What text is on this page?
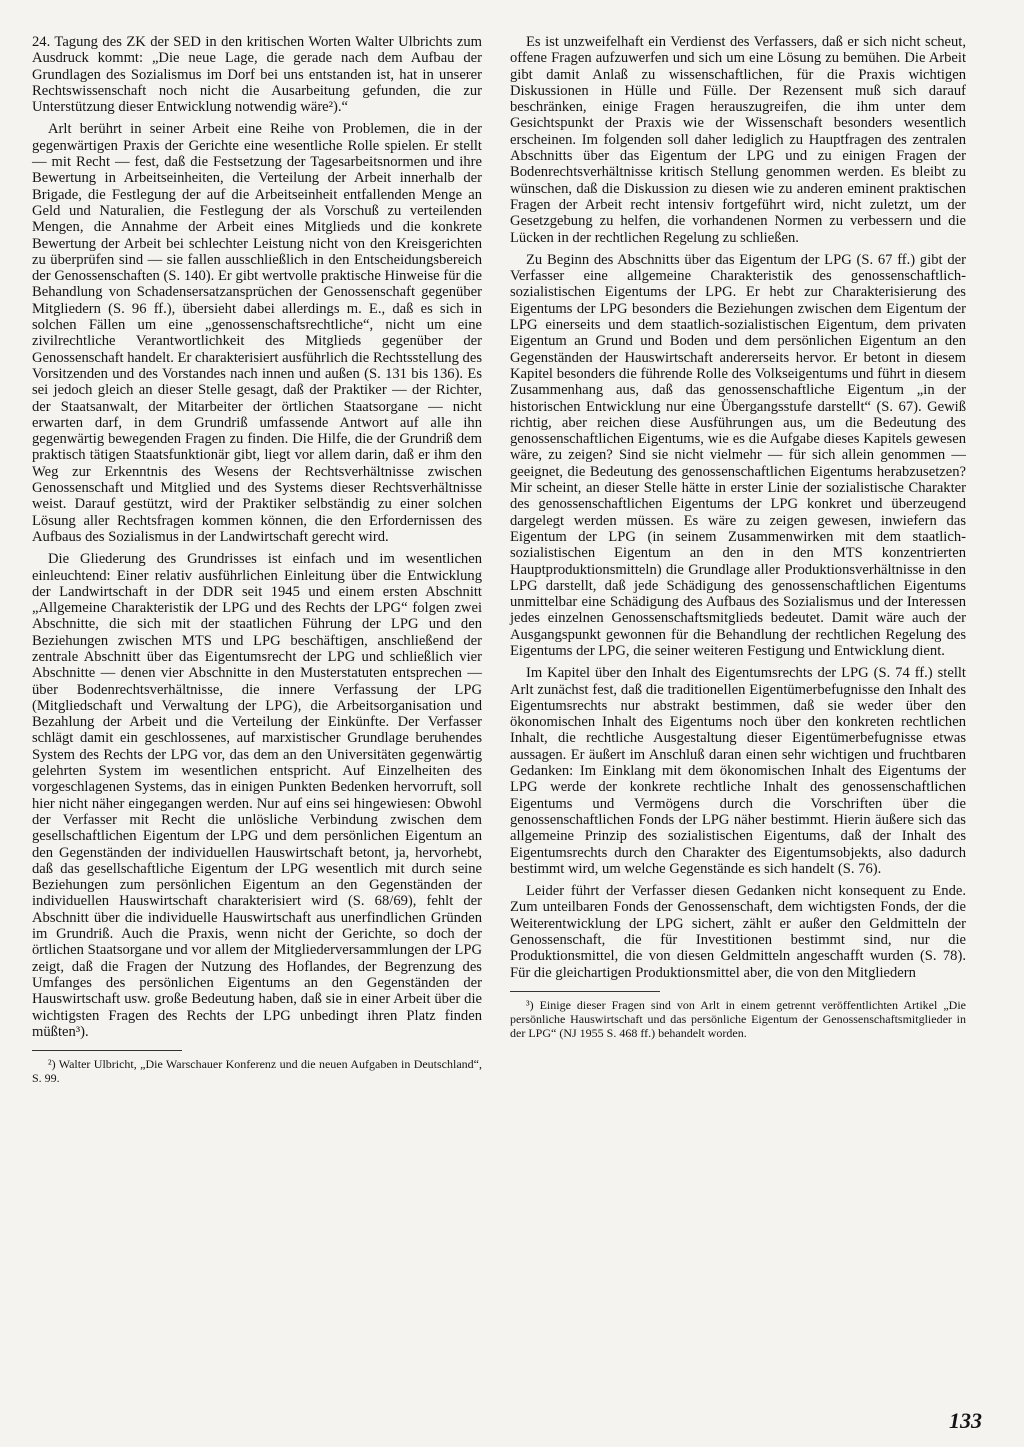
24. Tagung des ZK der SED in den kritischen Worten Walter Ulbrichts zum Ausdruck kommt: „Die neue Lage, die gerade nach dem Aufbau der Grundlagen des Sozialismus im Dorf bei uns entstanden ist, hat in unserer Rechtswissenschaft noch nicht die Ausarbeitung gefunden, die zur Unterstützung dieser Entwicklung notwendig wäre²).“

Arlt berührt in seiner Arbeit eine Reihe von Problemen, die in der gegenwärtigen Praxis der Gerichte eine wesentliche Rolle spielen. Er stellt — mit Recht — fest, daß die Festsetzung der Tagesarbeitsnormen und ihre Bewertung in Arbeitseinheiten, die Verteilung der Arbeit innerhalb der Brigade, die Festlegung der auf die Arbeitseinheit entfallenden Menge an Geld und Naturalien, die Festlegung der als Vorschuß zu verteilenden Mengen, die Annahme der Arbeit eines Mitglieds und die konkrete Bewertung der Arbeit bei schlechter Leistung nicht von den Kreisgerichten zu überprüfen sind — sie fallen ausschließlich in den Entscheidungsbereich der Genossenschaften (S. 140). Er gibt wertvolle praktische Hinweise für die Behandlung von Schadensersatzansprüchen der Genossenschaft gegenüber Mitgliedern (S. 96 ff.), übersieht dabei allerdings m. E., daß es sich in solchen Fällen um eine „genossenschaftsrechtliche“, nicht um eine zivilrechtliche Verantwortlichkeit des Mitglieds gegenüber der Genossenschaft handelt. Er charakterisiert ausführlich die Rechtsstellung des Vorsitzenden und des Vorstandes nach innen und außen (S. 131 bis 136). Es sei jedoch gleich an dieser Stelle gesagt, daß der Praktiker — der Richter, der Staatsanwalt, der Mitarbeiter der örtlichen Staatsorgane — nicht erwarten darf, in dem Grundriß umfassende Antwort auf alle ihn gegenwärtig bewegenden Fragen zu finden. Die Hilfe, die der Grundriß dem praktisch tätigen Staatsfunktionär gibt, liegt vor allem darin, daß er ihm den Weg zur Erkenntnis des Wesens der Rechtsverhältnisse zwischen Genossenschaft und Mitglied und des Systems dieser Rechtsverhältnisse weist. Darauf gestützt, wird der Praktiker selbständig zu einer solchen Lösung aller Rechtsfragen kommen können, die den Erfordernissen des Aufbaus des Sozialismus in der Landwirtschaft gerecht wird.

Die Gliederung des Grundrisses ist einfach und im wesentlichen einleuchtend: Einer relativ ausführlichen Einleitung über die Entwicklung der Landwirtschaft in der DDR seit 1945 und einem ersten Abschnitt „Allgemeine Charakteristik der LPG und des Rechts der LPG“ folgen zwei Abschnitte, die sich mit der staatlichen Führung der LPG und den Beziehungen zwischen MTS und LPG beschäftigen, anschließend der zentrale Abschnitt über das Eigentumsrecht der LPG und schließlich vier Abschnitte — denen vier Abschnitte in den Musterstatuten entsprechen — über Bodenrechtsverhältnisse, die innere Verfassung der LPG (Mitgliedschaft und Verwaltung der LPG), die Arbeitsorganisation und Bezahlung der Arbeit und die Verteilung der Einkünfte. Der Verfasser schlägt damit ein geschlossenes, auf marxistischer Grundlage beruhendes System des Rechts der LPG vor, das dem an den Universitäten gegenwärtig gelehrten System im wesentlichen entspricht. Auf Einzelheiten des vorgeschlagenen Systems, das in einigen Punkten Bedenken hervorruft, soll hier nicht näher eingegangen werden. Nur auf eins sei hingewiesen: Obwohl der Verfasser mit Recht die unlösliche Verbindung zwischen dem gesellschaftlichen Eigentum der LPG und dem persönlichen Eigentum an den Gegenständen der individuellen Hauswirtschaft betont, ja, hervorhebt, daß das gesellschaftliche Eigentum der LPG wesentlich mit durch seine Beziehungen zum persönlichen Eigentum an den Gegenständen der individuellen Hauswirtschaft charakterisiert wird (S. 68/69), fehlt der Abschnitt über die individuelle Hauswirtschaft aus unerfindlichen Gründen im Grundriß. Auch die Praxis, wenn nicht der Gerichte, so doch der örtlichen Staatsorgane und vor allem der Mitgliederversammlungen der LPG zeigt, daß die Fragen der Nutzung des Hoflandes, der Begrenzung des Umfanges des persönlichen Eigentums an den Gegenständen der Hauswirtschaft usw. große Bedeutung haben, daß sie in einer Arbeit über die wichtigsten Fragen des Rechts der LPG unbedingt ihren Platz finden müßten³).

²) Walter Ulbricht, „Die Warschauer Konferenz und die neuen Aufgaben in Deutschland“, S. 99.

Es ist unzweifelhaft ein Verdienst des Verfassers, daß er sich nicht scheut, offene Fragen aufzuwerfen und sich um eine Lösung zu bemühen. Die Arbeit gibt damit Anlaß zu wissenschaftlichen, für die Praxis wichtigen Diskussionen in Hülle und Fülle. Der Rezensent muß sich darauf beschränken, einige Fragen herauszugreifen, die ihm unter dem Gesichtspunkt der Praxis wie der Wissenschaft besonders wesentlich erscheinen. Im folgenden soll daher lediglich zu Hauptfragen des zentralen Abschnitts über das Eigentum der LPG und zu einigen Fragen der Bodenrechtsverhältnisse kritisch Stellung genommen werden. Es bleibt zu wünschen, daß die Diskussion zu diesen wie zu anderen eminent praktischen Fragen der Arbeit recht intensiv fortgeführt wird, nicht zuletzt, um der Gesetzgebung zu helfen, die vorhandenen Normen zu verbessern und die Lücken in der rechtlichen Regelung zu schließen.

Zu Beginn des Abschnitts über das Eigentum der LPG (S. 67 ff.) gibt der Verfasser eine allgemeine Charakteristik des genossenschaftlich-sozialistischen Eigentums der LPG. Er hebt zur Charakterisierung des Eigentums der LPG besonders die Beziehungen zwischen dem Eigentum der LPG einerseits und dem staatlich-sozialistischen Eigentum, dem privaten Eigentum an Grund und Boden und dem persönlichen Eigentum an den Gegenständen der Hauswirtschaft andererseits hervor. Er betont in diesem Kapitel besonders die führende Rolle des Volkseigentums und führt in diesem Zusammenhang aus, daß das genossenschaftliche Eigentum „in der historischen Entwicklung nur eine Übergangsstufe darstellt“ (S. 67). Gewiß richtig, aber reichen diese Ausführungen aus, um die Bedeutung des genossenschaftlichen Eigentums, wie es die Aufgabe dieses Kapitels gewesen wäre, zu zeigen? Sind sie nicht vielmehr — für sich allein genommen — geeignet, die Bedeutung des genossenschaftlichen Eigentums herabzusetzen? Mir scheint, an dieser Stelle hätte in erster Linie der sozialistische Charakter des genossenschaftlichen Eigentums der LPG konkret und überzeugend dargelegt werden müssen. Es wäre zu zeigen gewesen, inwiefern das Eigentum der LPG (in seinem Zusammenwirken mit dem staatlich-sozialistischen Eigentum an den in den MTS konzentrierten Hauptproduktionsmitteln) die Grundlage aller Produktionsverhältnisse in den LPG darstellt, daß jede Schädigung des genossenschaftlichen Eigentums unmittelbar eine Schädigung des Aufbaus des Sozialismus und der Interessen jedes einzelnen Genossenschaftsmitglieds bedeutet. Damit wäre auch der Ausgangspunkt gewonnen für die Behandlung der rechtlichen Regelung des Eigentums der LPG, die seiner weiteren Festigung und Entwicklung dient.

Im Kapitel über den Inhalt des Eigentumsrechts der LPG (S. 74 ff.) stellt Arlt zunächst fest, daß die traditionellen Eigentümerbefugnisse den Inhalt des Eigentumsrechts nur abstrakt bestimmen, daß sie weder über den ökonomischen Inhalt des Eigentums noch über den konkreten rechtlichen Inhalt, die rechtliche Ausgestaltung dieser Eigentümerbefugnisse etwas aussagen. Er äußert im Anschluß daran einen sehr wichtigen und fruchtbaren Gedanken: Im Einklang mit dem ökonomischen Inhalt des Eigentums der LPG werde der konkrete rechtliche Inhalt des genossenschaftlichen Eigentums und Vermögens durch die Vorschriften über die genossenschaftlichen Fonds der LPG näher bestimmt. Hierin äußere sich das allgemeine Prinzip des sozialistischen Eigentums, daß der Inhalt des Eigentumsrechts durch den Charakter des Eigentumsobjekts, also dadurch bestimmt wird, um welche Gegenstände es sich handelt (S. 76).

Leider führt der Verfasser diesen Gedanken nicht konsequent zu Ende. Zum unteilbaren Fonds der Genossenschaft, dem wichtigsten Fonds, der die Weiterentwicklung der LPG sichert, zählt er außer den Geldmitteln der Genossenschaft, die für Investitionen bestimmt sind, nur die Produktionsmittel, die von diesen Geldmitteln angeschafft wurden (S. 78). Für die gleichartigen Produktionsmittel aber, die von den Mitgliedern

³) Einige dieser Fragen sind von Arlt in einem getrennt veröffentlichten Artikel „Die persönliche Hauswirtschaft und das persönliche Eigentum der Genossenschaftsmitglieder in der LPG“ (NJ 1955 S. 468 ff.) behandelt worden.

133
